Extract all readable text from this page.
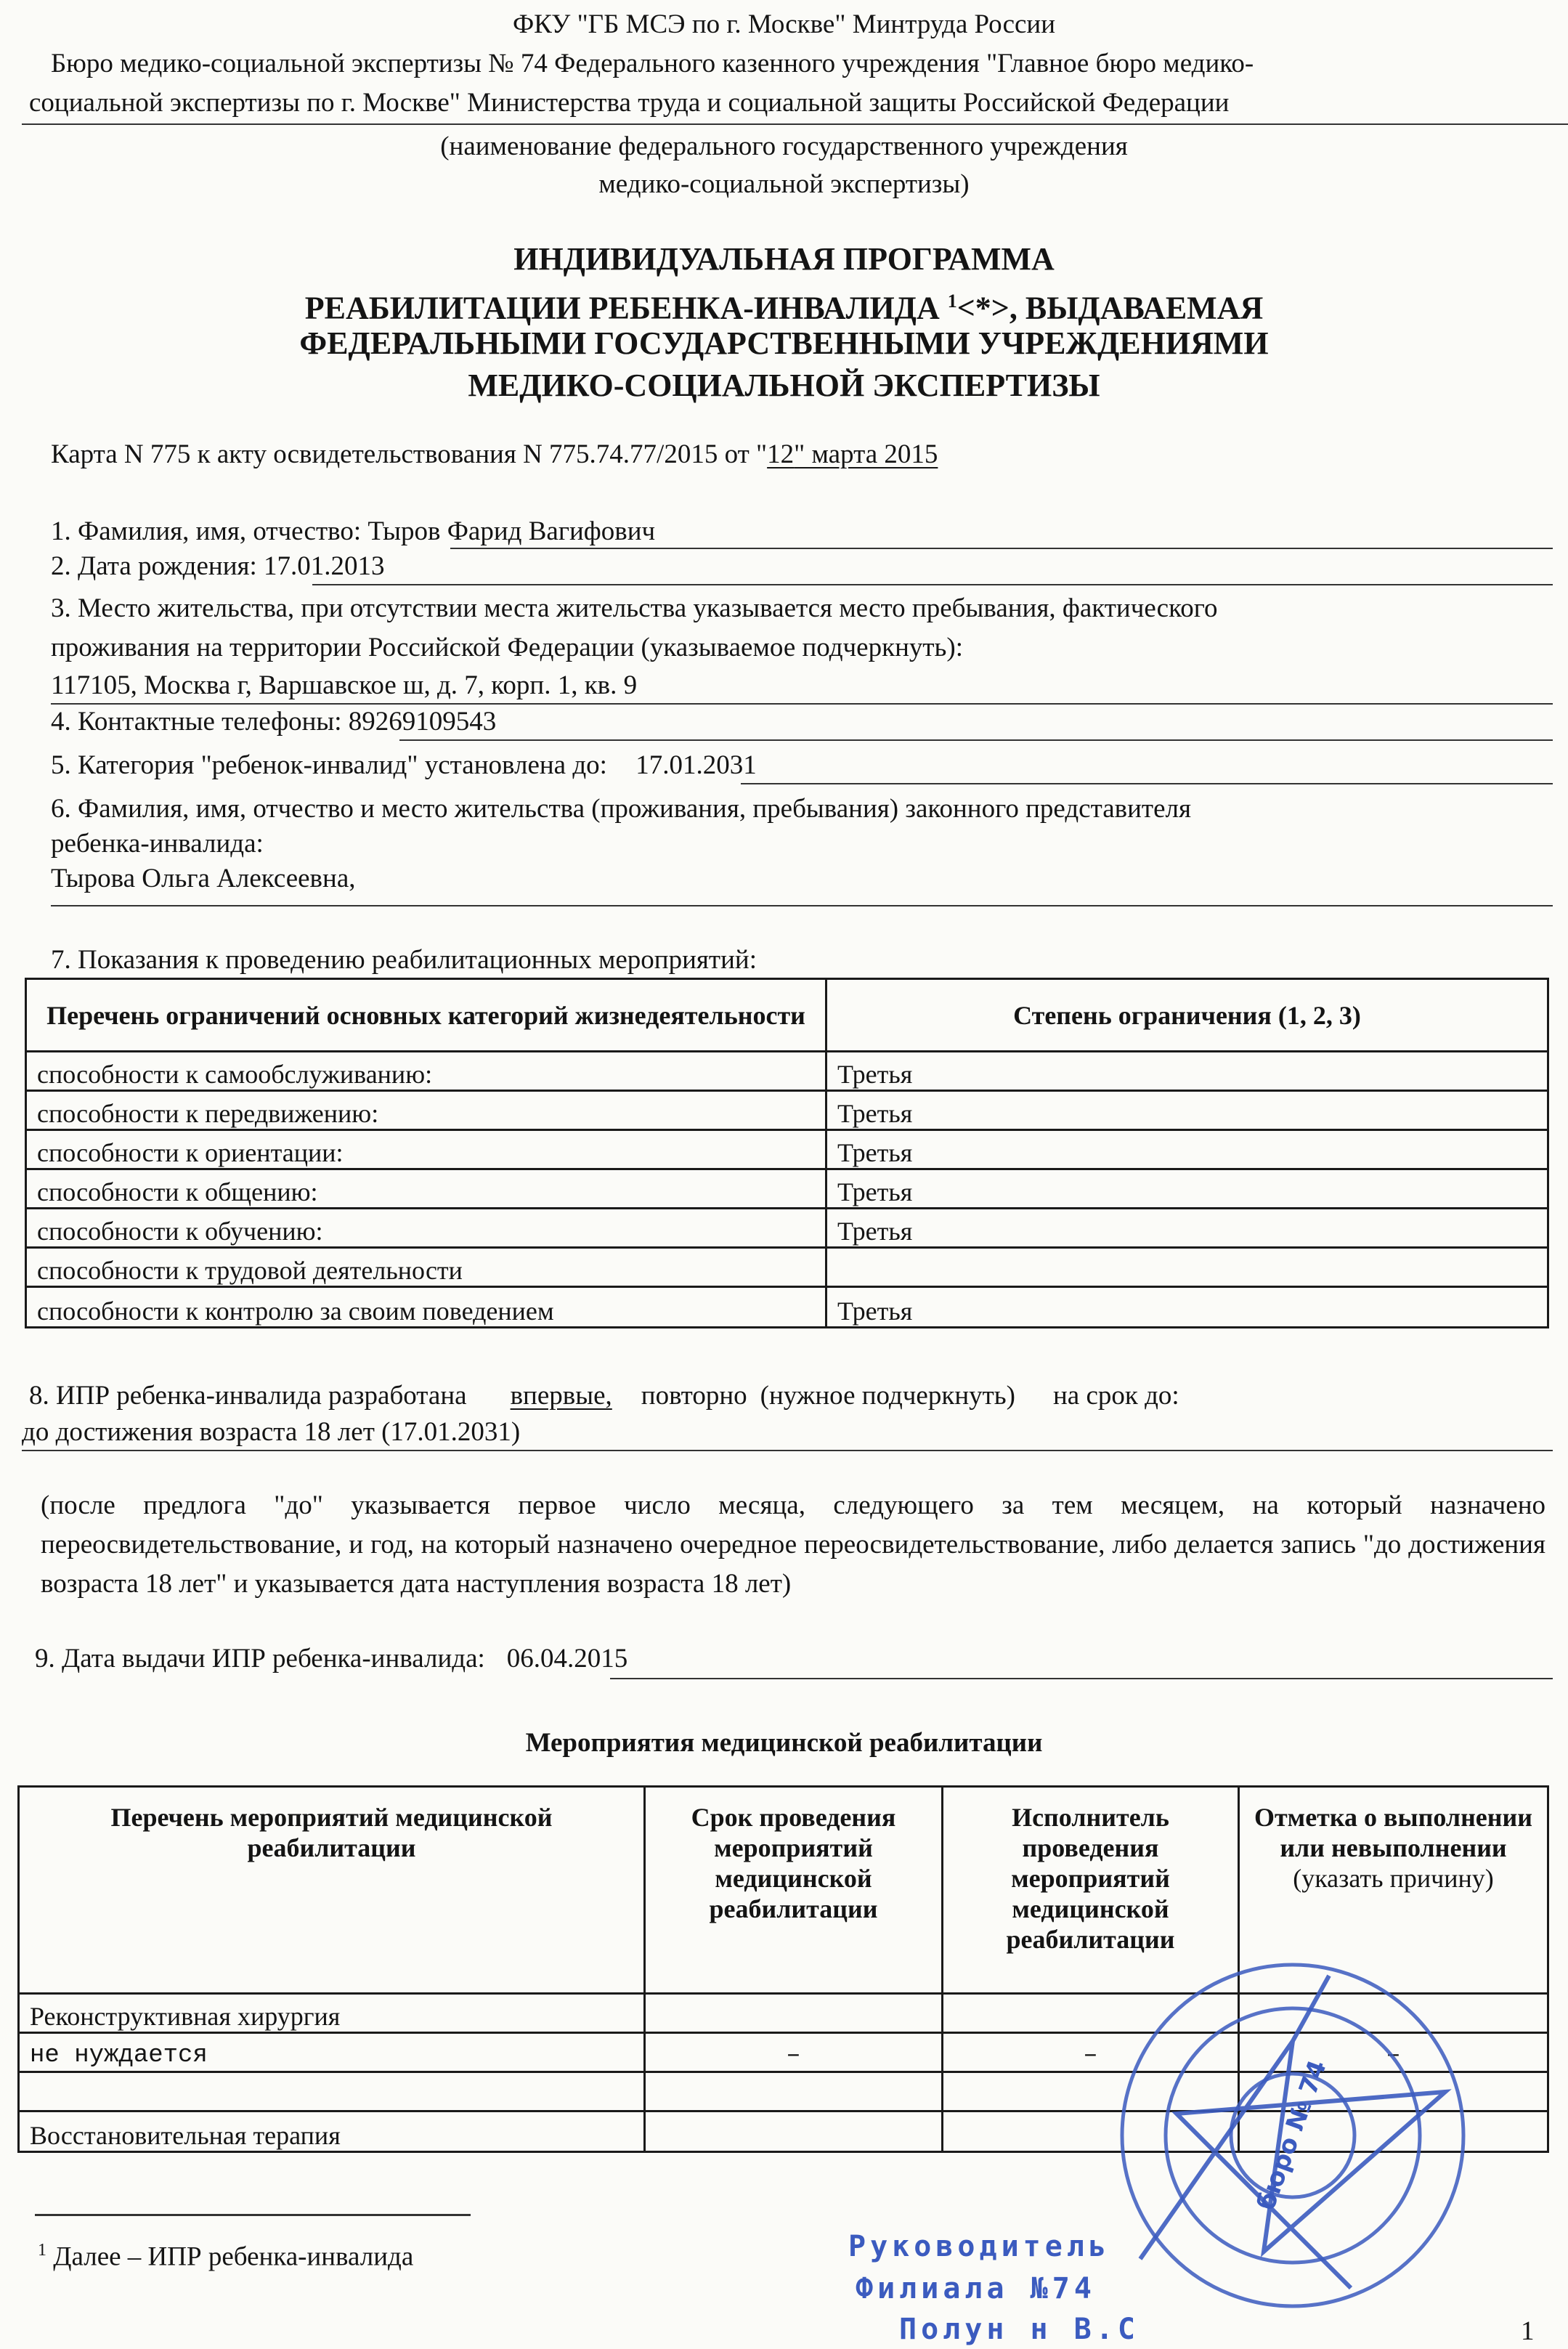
ФКУ "ГБ МСЭ по г. Москве" Минтруда России
Бюро медико-социальной экспертизы № 74 Федерального казенного учреждения "Главное бюро медико-
социальной экспертизы по г. Москве" Министерства труда и социальной защиты Российской Федерации
(наименование федерального государственного учреждения
медико-социальной экспертизы)
ИНДИВИДУАЛЬНАЯ ПРОГРАММА
РЕАБИЛИТАЦИИ РЕБЕНКА-ИНВАЛИДА $^1$<*>, ВЫДАВАЕМАЯ
ФЕДЕРАЛЬНЫМИ ГОСУДАРСТВЕННЫМИ УЧРЕЖДЕНИЯМИ
МЕДИКО-СОЦИАЛЬНОЙ ЭКСПЕРТИЗЫ
Карта N 775 к акту освидетельствования N 775.74.77/2015 от "12" марта 2015
1. Фамилия, имя, отчество: Тыров Фарид Вагифович
2. Дата рождения: 17.01.2013
3. Место жительства, при отсутствии места жительства указывается место пребывания, фактического
проживания на территории Российской Федерации (указываемое подчеркнуть):
117105, Москва г, Варшавское ш, д. 7, корп. 1, кв. 9
4. Контактные телефоны: 89269109543
5. Категория "ребенок-инвалид" установлена до: 17.01.2031
6. Фамилия, имя, отчество и место жительства (проживания, пребывания) законного представителя
ребенка-инвалида:
Тырова Ольга Алексеевна,
7. Показания к проведению реабилитационных мероприятий:
Перечень ограничений основных категорий жизнедеятельности	Степень ограничения (1, 2, 3)
способности к самообслуживанию:	Третья
способности к передвижению:	Третья
способности к ориентации:	Третья
способности к общению:	Третья
способности к обучению:	Третья
способности к трудовой деятельности	
способности к контролю за своим поведением	Третья
8. ИПР ребенка-инвалида разработана впервые, повторно (нужное подчеркнуть) на срок до:
до достижения возраста 18 лет (17.01.2031)
(после предлога "до" указывается первое число месяца, следующего за тем месяцем, на который назначено переосвидетельствование, и год, на который назначено очередное переосвидетельствование, либо делается запись "до достижения возраста 18 лет" и указывается дата наступления возраста 18 лет)
9. Дата выдачи ИПР ребенка-инвалида: 06.04.2015
Мероприятия медицинской реабилитации
Перечень мероприятий медицинской реабилитации	Срок проведения мероприятий медицинской реабилитации	Исполнитель проведения мероприятий медицинской реабилитации	Отметка о выполнении или невыполнении
(указать причину)
Реконструктивная хирургия			
не нуждается	–	–	–

Восстановительная терапия			
$^1$ Далее – ИПР ребенка-инвалида	Руководитель
Филиала №74
Полун н В.С
бюро № 74
1
